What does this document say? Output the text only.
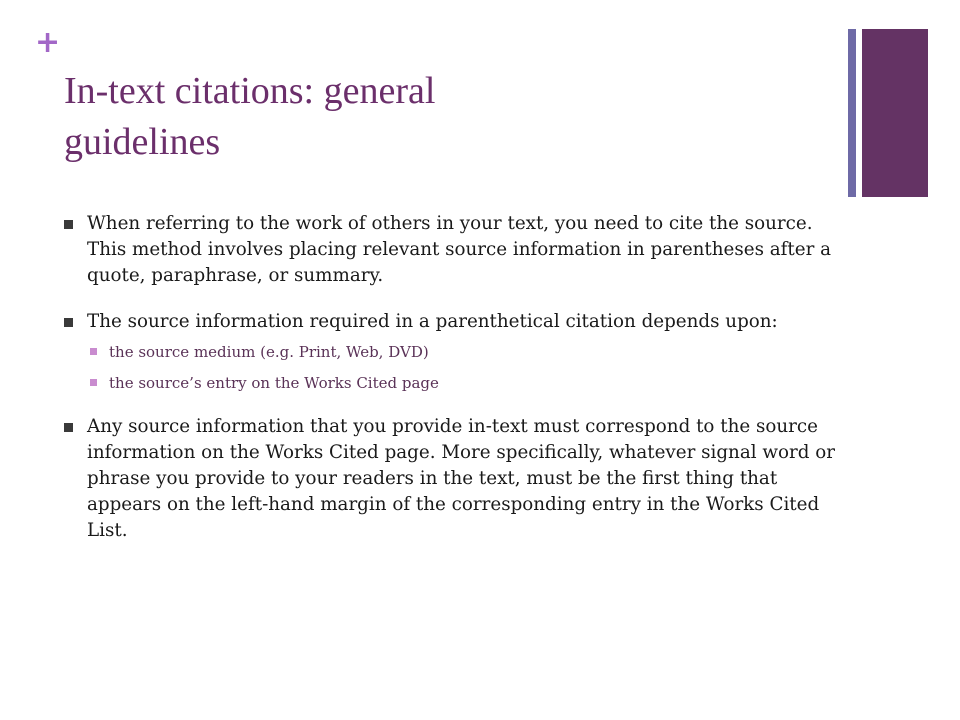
+
In-text citations: general
guidelines
When referring to the work of others in your text, you need to cite the source. This method involves placing relevant source information in parentheses after a quote, paraphrase, or summary.
The source information required in a parenthetical citation depends upon:
the source medium (e.g. Print, Web, DVD)
the source’s entry on the Works Cited page
Any source information that you provide in-text must correspond to the source information on the Works Cited page. More specifically, whatever signal word or phrase you provide to your readers in the text, must be the first thing that appears on the left-hand margin of the corresponding entry in the Works Cited List.
